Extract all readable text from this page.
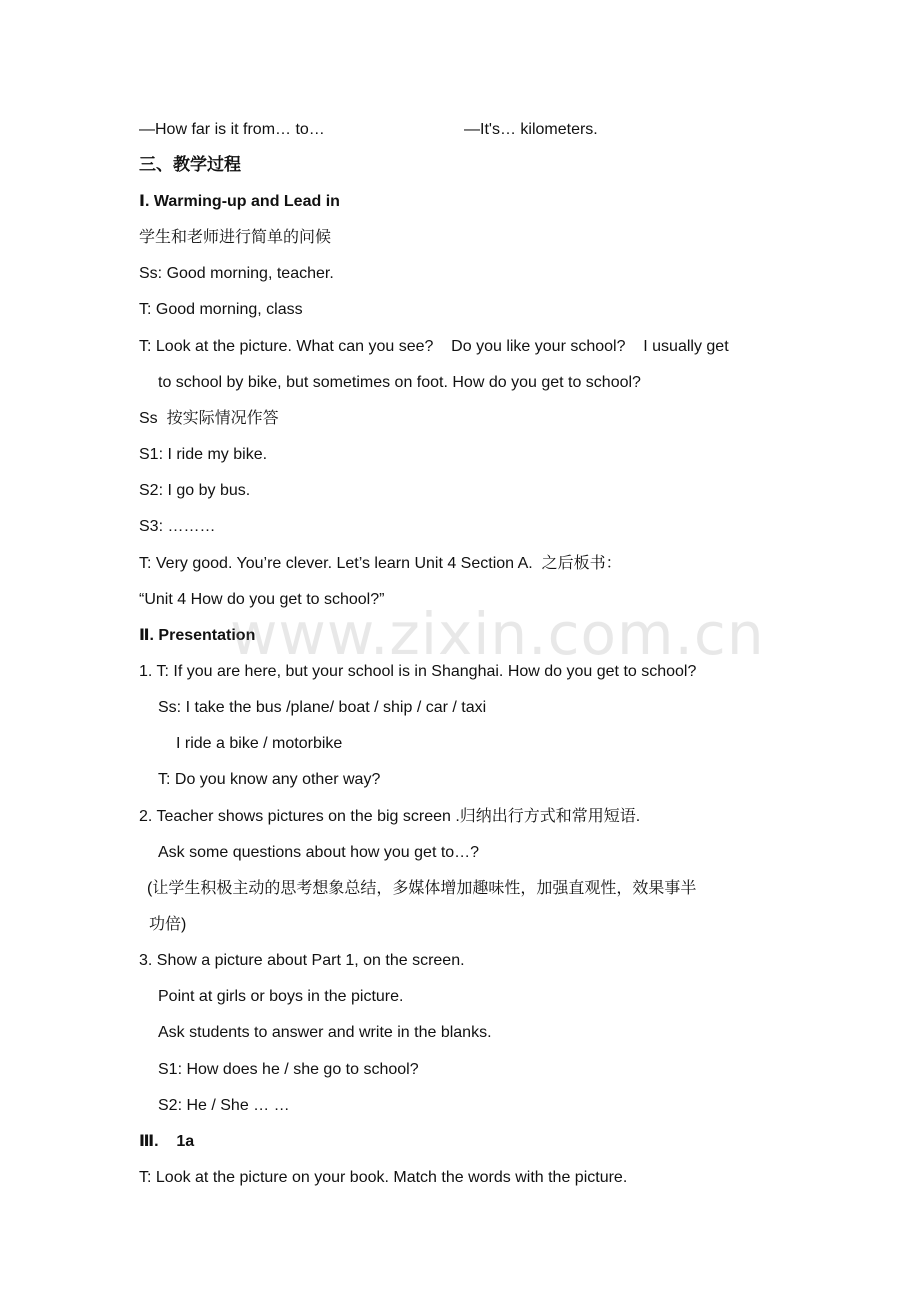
—How far is it from… to…	—It's… kilometers.
三、教学过程
Ⅰ. Warming-up and Lead in
学生和老师进行简单的问候
Ss: Good morning, teacher.
T: Good morning, class
T: Look at the picture. What can you see?    Do you like your school?    I usually get
to school by bike, but sometimes on foot. How do you get to school?
Ss  按实际情况作答
S1: I ride my bike.
S2: I go by bus.
S3: ………
T: Very good. You’re clever. Let’s learn Unit 4 Section A.  之后板书：
“Unit 4 How do you get to school?”
Ⅱ. Presentation
1. T: If you are here, but your school is in Shanghai. How do you get to school?
Ss: I take the bus /plane/ boat / ship / car / taxi
I ride a bike / motorbike
T: Do you know any other way?
2. Teacher shows pictures on the big screen .归纳出行方式和常用短语.
Ask some questions about how you get to…?
(让学生积极主动的思考想象总结，多媒体增加趣味性，加强直观性，效果事半
功倍)
3. Show a picture about Part 1, on the screen.
Point at girls or boys in the picture.
Ask students to answer and write in the blanks.
S1: How does he / she go to school?
S2: He / She … …
Ⅲ.    1a
T: Look at the picture on your book. Match the words with the picture.
www.zixin.com.cn
